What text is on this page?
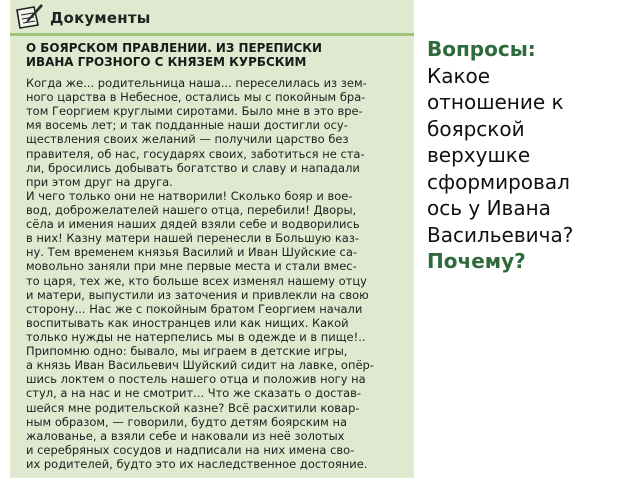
Документы
О БОЯРСКОМ ПРАВЛЕНИИ. ИЗ ПЕРЕПИСКИ ИВАНА ГРОЗНОГО С КНЯЗЕМ КУРБСКИМ
Когда же... родительница наша... переселилась из зем-
ного царства в Небесное, остались мы с покойным бра-
том Георгием круглыми сиротами. Было мне в это вре-
мя восемь лет; и так подданные наши достигли осу-
ществления своих желаний — получили царство без
правителя, об нас, государях своих, заботиться не ста-
ли, бросились добывать богатство и славу и нападали
при этом друг на друга.
И чего только они не натворили! Сколько бояр и вое-
вод, доброжелателей нашего отца, перебили! Дворы,
сёла и имения наших дядей взяли себе и водворились
в них! Казну матери нашей перенесли в Большую каз-
ну. Тем временем князья Василий и Иван Шуйские са-
мовольно заняли при мне первые места и стали вмес-
то царя, тех же, кто больше всех изменял нашему отцу
и матери, выпустили из заточения и привлекли на свою
сторону... Нас же с покойным братом Георгием начали
воспитывать как иностранцев или как нищих. Какой
только нужды не натерпелись мы в одежде и в пище!..
Припомню одно: бывало, мы играем в детские игры,
а князь Иван Васильевич Шуйский сидит на лавке, опёр-
шись локтем о постель нашего отца и положив ногу на
стул, а на нас и не смотрит... Что же сказать о достав-
шейся мне родительской казне? Всё расхитили ковар-
ным образом, — говорили, будто детям боярским на
жалованье, а взяли себе и наковали из неё золотых
и серебряных сосудов и надписали на них имена сво-
их родителей, будто это их наследственное достояние.
Вопросы:
Какое
отношение к
боярской
верхушке
сформировал
ось у Ивана
Васильевича?
Почему?
